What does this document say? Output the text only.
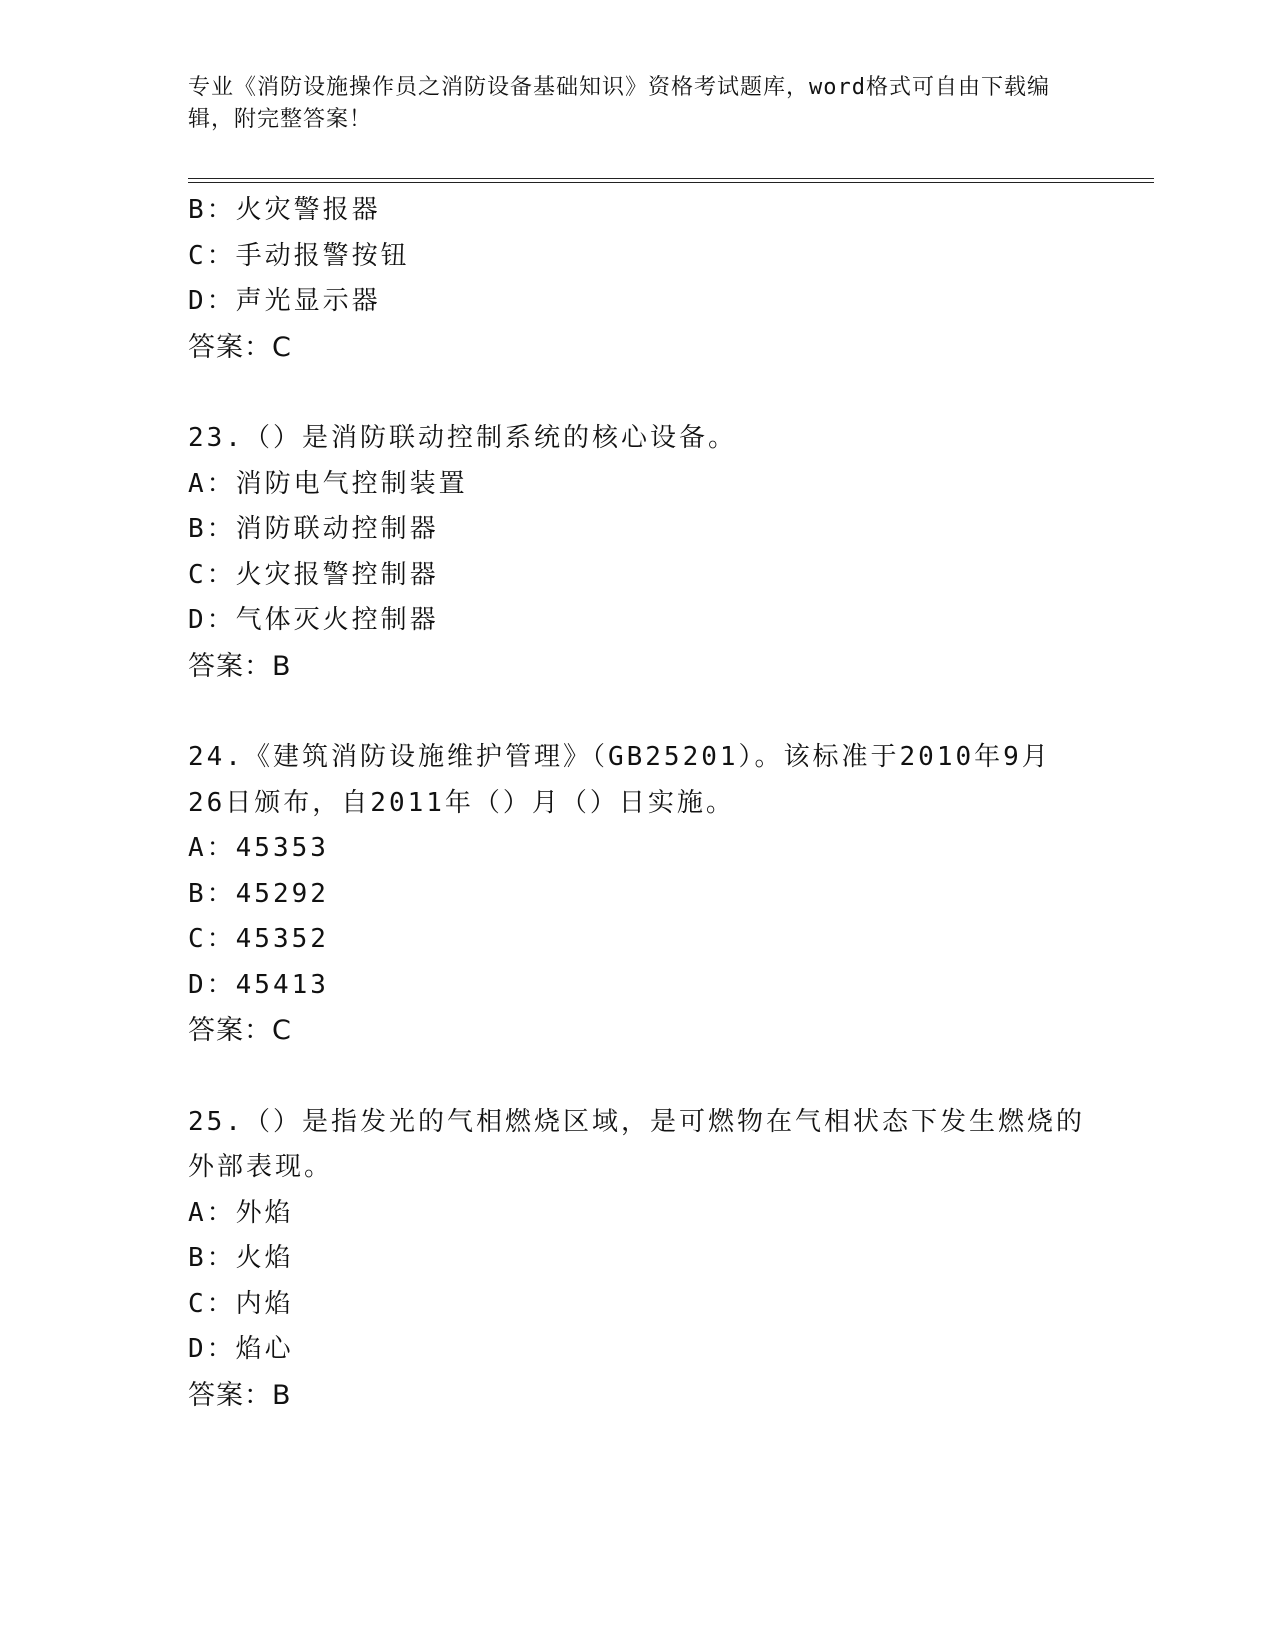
专业《消防设施操作员之消防设备基础知识》资格考试题库，word格式可自由下载编辑，附完整答案！
B：火灾警报器
C：手动报警按钮
D：声光显示器
答案：C
23.（）是消防联动控制系统的核心设备。
A：消防电气控制装置
B：消防联动控制器
C：火灾报警控制器
D：气体灭火控制器
答案：B
24.《建筑消防设施维护管理》（GB25201）。该标准于2010年9月26日颁布，自2011年（）月（）日实施。
A：45353
B：45292
C：45352
D：45413
答案：C
25.（）是指发光的气相燃烧区域，是可燃物在气相状态下发生燃烧的外部表现。
A：外焰
B：火焰
C：内焰
D：焰心
答案：B
